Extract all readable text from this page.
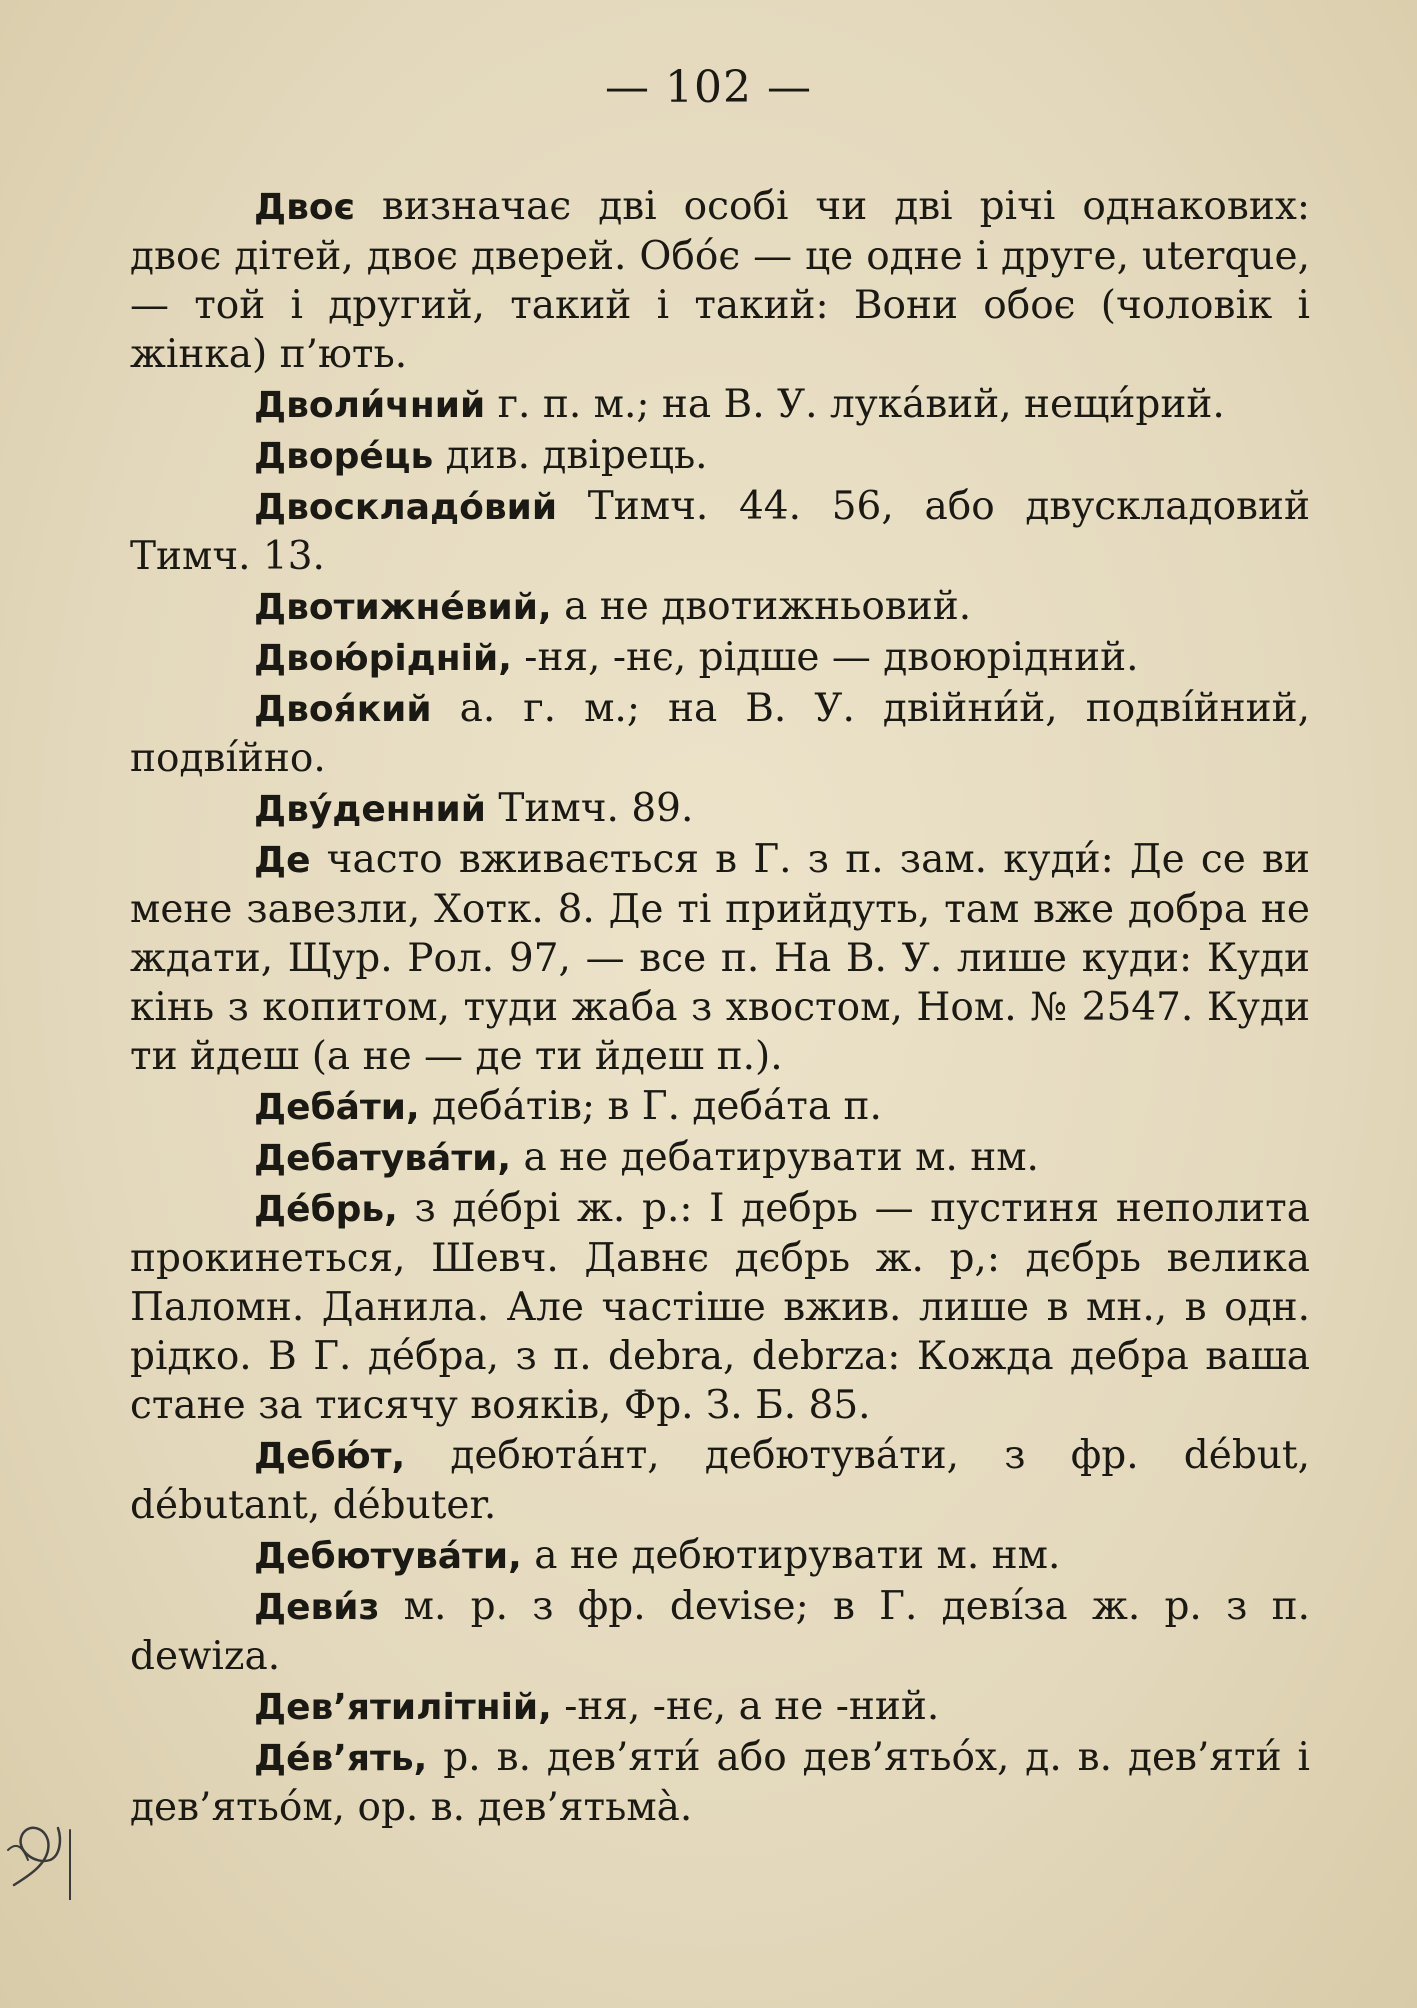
— 102 —

Двоє визначає дві особі чи дві річі однакових: двоє дітей, двоє дверей. Обо́є — це одне і друге, uterque, — той і другий, такий і такий: Вони обоє (чоловік і жінка) п’ють.

Дволи́чний г. п. м.; на В. У. лука́вий, нещи́рий.

Дворе́ць див. двірець.

Двоскладо́вий Тимч. 44. 56, або двускладовий Тимч. 13.

Двотижне́вий, а не двотижньовий.

Двою́рідній, -ня, -нє, рідше — двоюрідний.

Двоя́кий а. г. м.; на В. У. двійни́й, подві́йний, подві́йно.

Дву́денний Тимч. 89.

Де часто вживається в Г. з п. зам. куди́: Де се ви мене завезли, Хотк. 8. Де ті прийдуть, там вже добра не ждати, Щур. Рол. 97, — все п. На В. У. лише куди: Куди кінь з копитом, туди жаба з хвостом, Ном. № 2547. Куди ти йдеш (а не — де ти йдеш п.).

Деба́ти, деба́тів; в Г. деба́та п.

Дебатува́ти, а не дебатирувати м. нм.

Де́брь, з де́брі ж. р.: І дебрь — пустиня неполита прокинеться, Шевч. Давнє дєбрь ж. р,: дєбрь велика Паломн. Данила. Але частіше вжив. лише в мн., в одн. рідко. В Г. де́бра, з п. debra, debrza: Кожда дебра ваша стане за тисячу вояків, Фр. З. Б. 85.

Дебю́т, дебюта́нт, дебютува́ти, з фр. début, débutant, débuter.

Дебютува́ти, а не дебютирувати м. нм.

Деви́з м. р. з фр. devise; в Г. деві́за ж. р. з п. dewiza.

Дев’ятилітній, -ня, -нє, а не -ний.

Де́в’ять, р. в. дев’яти́ або дев’ятьо́х, д. в. дев’яти́ і дев’ятьо́м, ор. в. дев’ятьма̀.
